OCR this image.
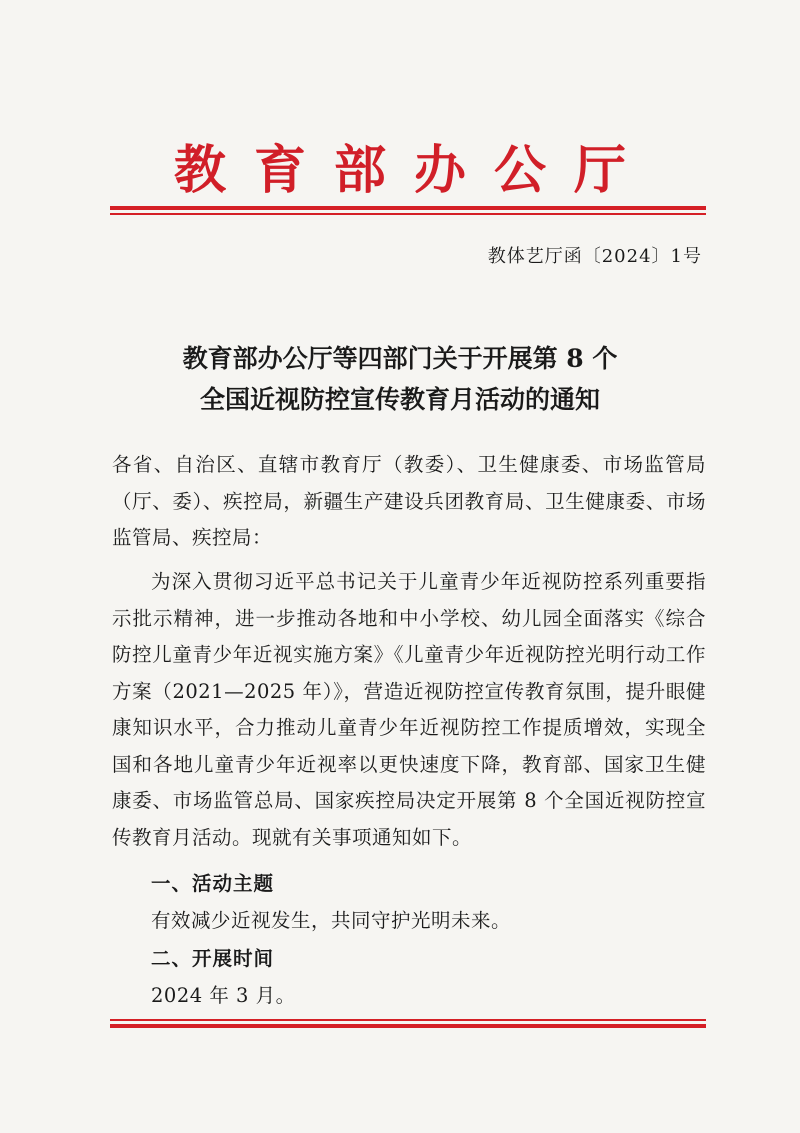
教育部办公厅
教体艺厅函〔2024〕1号
教育部办公厅等四部门关于开展第 8 个
全国近视防控宣传教育月活动的通知
各省、自治区、直辖市教育厅（教委）、卫生健康委、市场监管局（厅、委）、疾控局，新疆生产建设兵团教育局、卫生健康委、市场监管局、疾控局：
为深入贯彻习近平总书记关于儿童青少年近视防控系列重要指示批示精神，进一步推动各地和中小学校、幼儿园全面落实《综合防控儿童青少年近视实施方案》《儿童青少年近视防控光明行动工作方案（2021—2025 年）》，营造近视防控宣传教育氛围，提升眼健康知识水平，合力推动儿童青少年近视防控工作提质增效，实现全国和各地儿童青少年近视率以更快速度下降，教育部、国家卫生健康委、市场监管总局、国家疾控局决定开展第 8 个全国近视防控宣传教育月活动。现就有关事项通知如下。
一、活动主题
有效减少近视发生，共同守护光明未来。
二、开展时间
2024 年 3 月。
